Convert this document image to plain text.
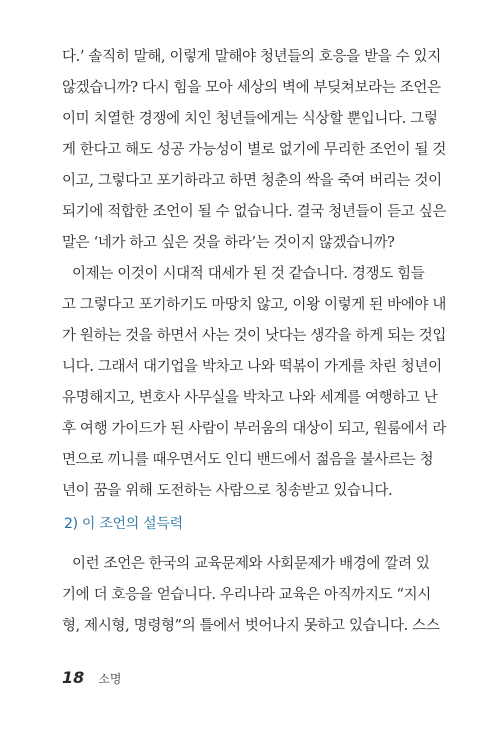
다.’ 솔직히 말해, 이렇게 말해야 청년들의 호응을 받을 수 있지
않겠습니까? 다시 힘을 모아 세상의 벽에 부딪쳐보라는 조언은
이미 치열한 경쟁에 치인 청년들에게는 식상할 뿐입니다. 그렇
게 한다고 해도 성공 가능성이 별로 없기에 무리한 조언이 될 것
이고, 그렇다고 포기하라고 하면 청춘의 싹을 죽여 버리는 것이
되기에 적합한 조언이 될 수 없습니다. 결국 청년들이 듣고 싶은
말은 ‘네가 하고 싶은 것을 하라’는 것이지 않겠습니까?
이제는 이것이 시대적 대세가 된 것 같습니다. 경쟁도 힘들
고 그렇다고 포기하기도 마땅치 않고, 이왕 이렇게 된 바에야 내
가 원하는 것을 하면서 사는 것이 낫다는 생각을 하게 되는 것입
니다. 그래서 대기업을 박차고 나와 떡볶이 가게를 차린 청년이
유명해지고, 변호사 사무실을 박차고 나와 세계를 여행하고 난
후 여행 가이드가 된 사람이 부러움의 대상이 되고, 원룸에서 라
면으로 끼니를 때우면서도 인디 밴드에서 젊음을 불사르는 청
2) 이 조언의 설득력
이런 조언은 한국의 교육문제와 사회문제가 배경에 깔려 있
기에 더 호응을 얻습니다. 우리나라 교육은 아직까지도 “지시
형, 제시형, 명령형”의 틀에서 벗어나지 못하고 있습니다. 스스
18 소명
년이 꿈을 위해 도전하는 사람으로 칭송받고 있습니다.
